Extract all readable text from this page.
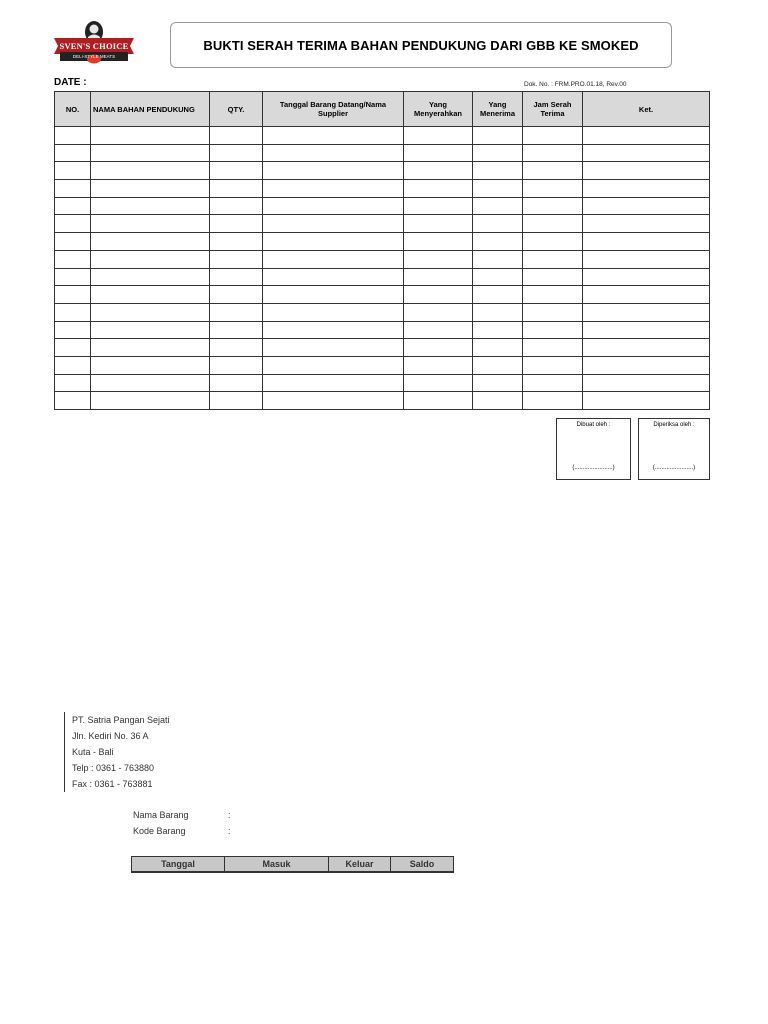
SVEN'S CHOICE
DELI-STYLE MEATS
BUKTI SERAH TERIMA BAHAN PENDUKUNG DARI GBB KE SMOKED
DATE :	Dok. No. : FRM.PRO.01.18, Rev.00
NO.	NAMA BAHAN PENDUKUNG	QTY.	Tanggal Barang Datang/Nama Supplier	Yang Menyerahkan	Yang Menerima	Jam Serah Terima	Ket.

Dibuat oleh :
(.......................)
Diperiksa oleh :
(.......................)
PT. Satria Pangan Sejati
Jln. Kediri No. 36 A
Kuta - Bali
Telp : 0361 - 763880
Fax : 0361 - 763881
Nama Barang	:
Kode Barang	:
Tanggal	Masuk	Keluar	Saldo
